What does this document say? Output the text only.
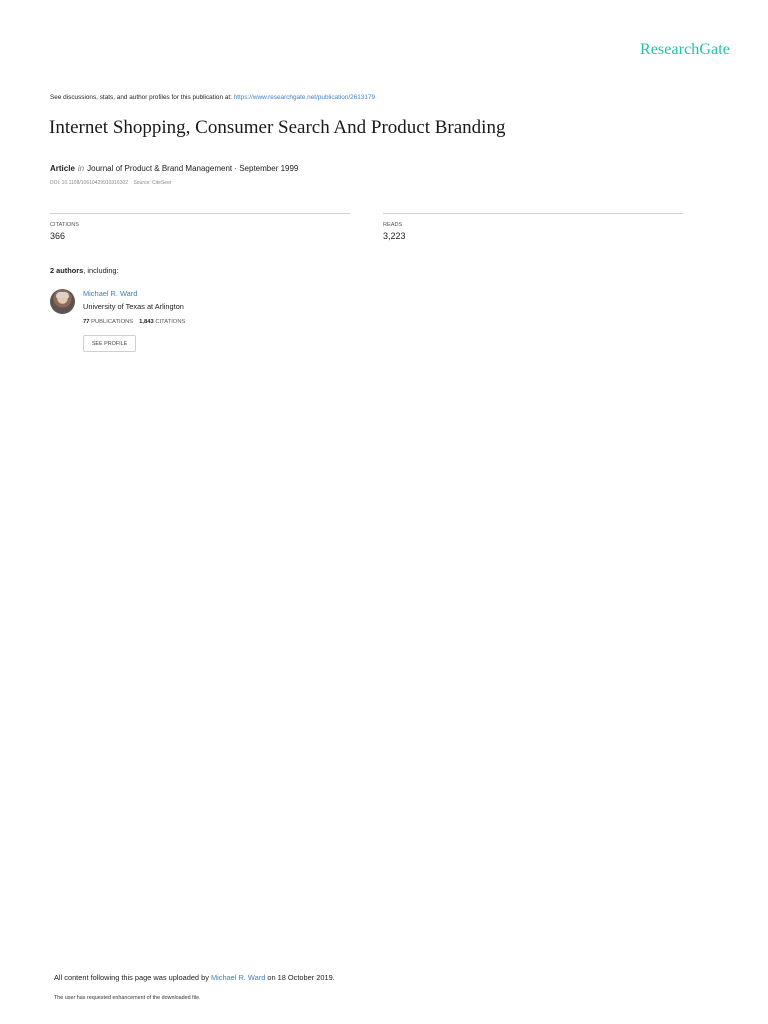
ResearchGate
See discussions, stats, and author profiles for this publication at: https://www.researchgate.net/publication/2613179
Internet Shopping, Consumer Search And Product Branding
Article in Journal of Product & Brand Management · September 1999
DOI: 10.1108/10610429910316302 Source: CiteSeer
CITATIONS
366
READS
3,223
2 authors, including:
Michael R. Ward
University of Texas at Arlington
77 PUBLICATIONS 1,843 CITATIONS
SEE PROFILE
All content following this page was uploaded by Michael R. Ward on 18 October 2019.
The user has requested enhancement of the downloaded file.
